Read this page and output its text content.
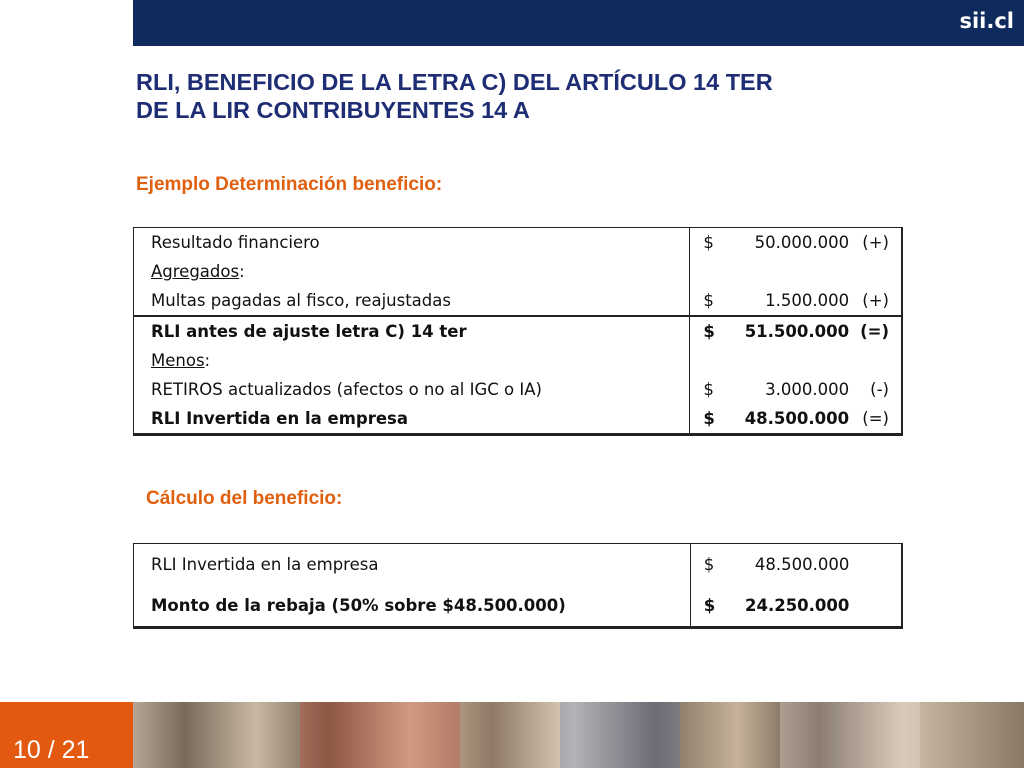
sii.cl
RLI, BENEFICIO DE LA LETRA C) DEL ARTÍCULO 14 TER
DE LA LIR CONTRIBUYENTES 14 A
Ejemplo Determinación beneficio:
Resultado financiero	$	50.000.000	(+)
Agregados:			
Multas pagadas al fisco, reajustadas	$	1.500.000	(+)
RLI antes de ajuste letra C) 14 ter	$	51.500.000	(=)
Menos:			
RETIROS actualizados (afectos o no al IGC o IA)	$	3.000.000	(-)
RLI Invertida en la empresa	$	48.500.000	(=)
Cálculo del beneficio:
RLI Invertida en la empresa	$	48.500.000	
Monto de la rebaja (50% sobre $48.500.000)	$	24.250.000	
10 / 21
